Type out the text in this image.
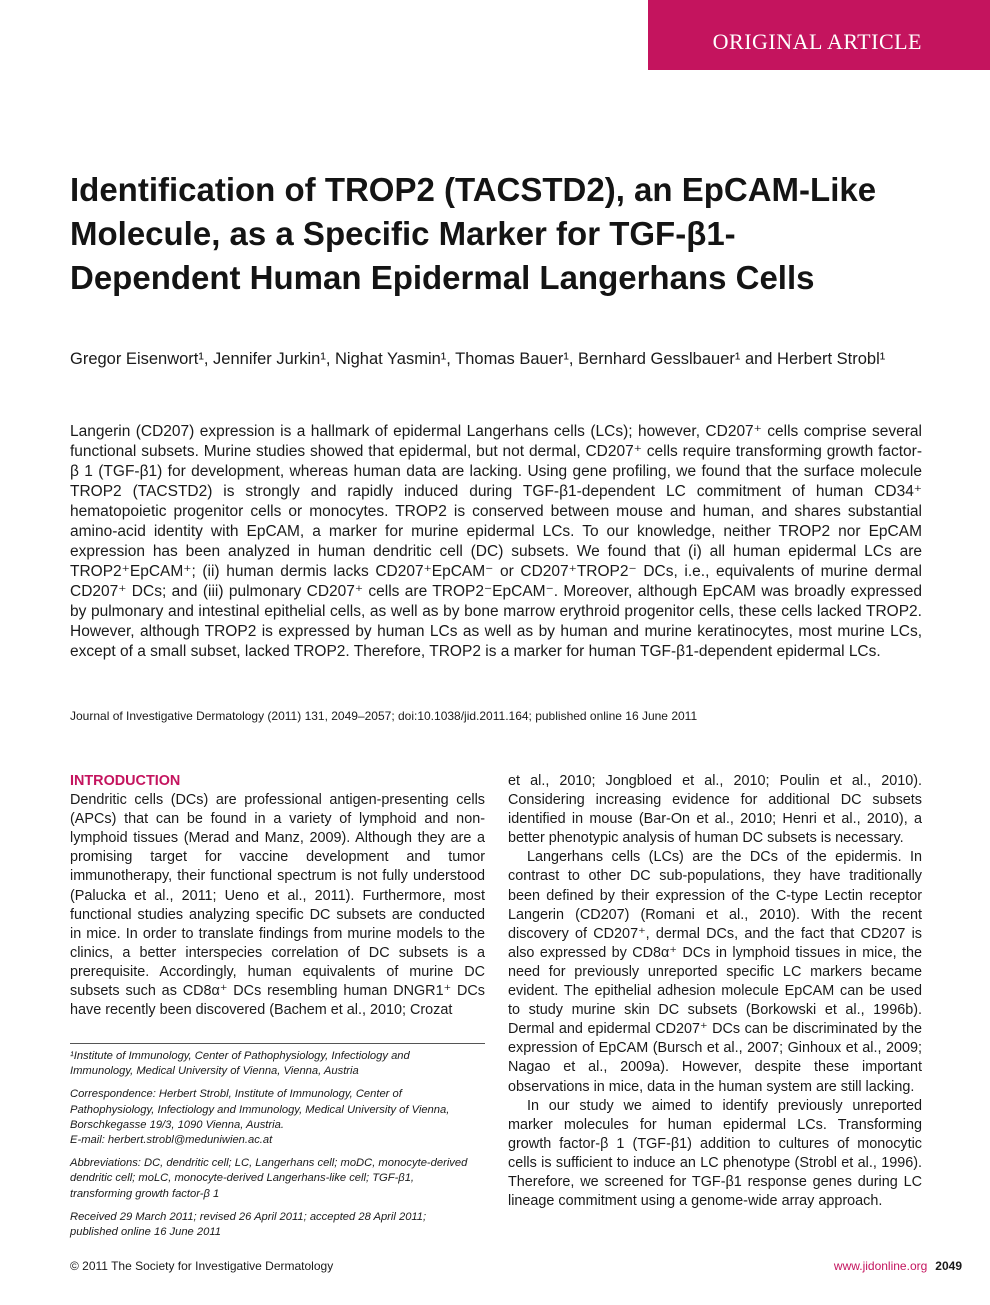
ORIGINAL ARTICLE
Identification of TROP2 (TACSTD2), an EpCAM-Like Molecule, as a Specific Marker for TGF-β1-Dependent Human Epidermal Langerhans Cells

Gregor Eisenwort¹, Jennifer Jurkin¹, Nighat Yasmin¹, Thomas Bauer¹, Bernhard Gesslbauer¹ and Herbert Strobl¹

Langerin (CD207) expression is a hallmark of epidermal Langerhans cells (LCs); however, CD207⁺ cells comprise several functional subsets. Murine studies showed that epidermal, but not dermal, CD207⁺ cells require transforming growth factor-β 1 (TGF-β1) for development, whereas human data are lacking. Using gene profiling, we found that the surface molecule TROP2 (TACSTD2) is strongly and rapidly induced during TGF-β1-dependent LC commitment of human CD34⁺ hematopoietic progenitor cells or monocytes. TROP2 is conserved between mouse and human, and shares substantial amino-acid identity with EpCAM, a marker for murine epidermal LCs. To our knowledge, neither TROP2 nor EpCAM expression has been analyzed in human dendritic cell (DC) subsets. We found that (i) all human epidermal LCs are TROP2⁺EpCAM⁺; (ii) human dermis lacks CD207⁺EpCAM⁻ or CD207⁺TROP2⁻ DCs, i.e., equivalents of murine dermal CD207⁺ DCs; and (iii) pulmonary CD207⁺ cells are TROP2⁻EpCAM⁻. Moreover, although EpCAM was broadly expressed by pulmonary and intestinal epithelial cells, as well as by bone marrow erythroid progenitor cells, these cells lacked TROP2. However, although TROP2 is expressed by human LCs as well as by human and murine keratinocytes, most murine LCs, except of a small subset, lacked TROP2. Therefore, TROP2 is a marker for human TGF-β1-dependent epidermal LCs.

Journal of Investigative Dermatology (2011) 131, 2049–2057; doi:10.1038/jid.2011.164; published online 16 June 2011

INTRODUCTION

Dendritic cells (DCs) are professional antigen-presenting cells (APCs) that can be found in a variety of lymphoid and non-lymphoid tissues (Merad and Manz, 2009). Although they are a promising target for vaccine development and tumor immunotherapy, their functional spectrum is not fully understood (Palucka et al., 2011; Ueno et al., 2011). Furthermore, most functional studies analyzing specific DC subsets are conducted in mice. In order to translate findings from murine models to the clinics, a better interspecies correlation of DC subsets is a prerequisite. Accordingly, human equivalents of murine DC subsets such as CD8α⁺ DCs resembling human DNGR1⁺ DCs have recently been discovered (Bachem et al., 2010; Crozat

¹Institute of Immunology, Center of Pathophysiology, Infectiology and Immunology, Medical University of Vienna, Vienna, Austria

Correspondence: Herbert Strobl, Institute of Immunology, Center of Pathophysiology, Infectiology and Immunology, Medical University of Vienna, Borschkegasse 19/3, 1090 Vienna, Austria.

E-mail: herbert.strobl@meduniwien.ac.at

Abbreviations: DC, dendritic cell; LC, Langerhans cell; moDC, monocyte-derived dendritic cell; moLC, monocyte-derived Langerhans-like cell; TGF-β1, transforming growth factor-β 1

Received 29 March 2011; revised 26 April 2011; accepted 28 April 2011; published online 16 June 2011

et al., 2010; Jongbloed et al., 2010; Poulin et al., 2010). Considering increasing evidence for additional DC subsets identified in mouse (Bar-On et al., 2010; Henri et al., 2010), a better phenotypic analysis of human DC subsets is necessary.

Langerhans cells (LCs) are the DCs of the epidermis. In contrast to other DC sub-populations, they have traditionally been defined by their expression of the C-type Lectin receptor Langerin (CD207) (Romani et al., 2010). With the recent discovery of CD207⁺, dermal DCs, and the fact that CD207 is also expressed by CD8α⁺ DCs in lymphoid tissues in mice, the need for previously unreported specific LC markers became evident. The epithelial adhesion molecule EpCAM can be used to study murine skin DC subsets (Borkowski et al., 1996b). Dermal and epidermal CD207⁺ DCs can be discriminated by the expression of EpCAM (Bursch et al., 2007; Ginhoux et al., 2009; Nagao et al., 2009a). However, despite these important observations in mice, data in the human system are still lacking.

In our study we aimed to identify previously unreported marker molecules for human epidermal LCs. Transforming growth factor-β 1 (TGF-β1) addition to cultures of monocytic cells is sufficient to induce an LC phenotype (Strobl et al., 1996). Therefore, we screened for TGF-β1 response genes during LC lineage commitment using a genome-wide array approach.

© 2011 The Society for Investigative Dermatology	www.jidonline.org 2049
